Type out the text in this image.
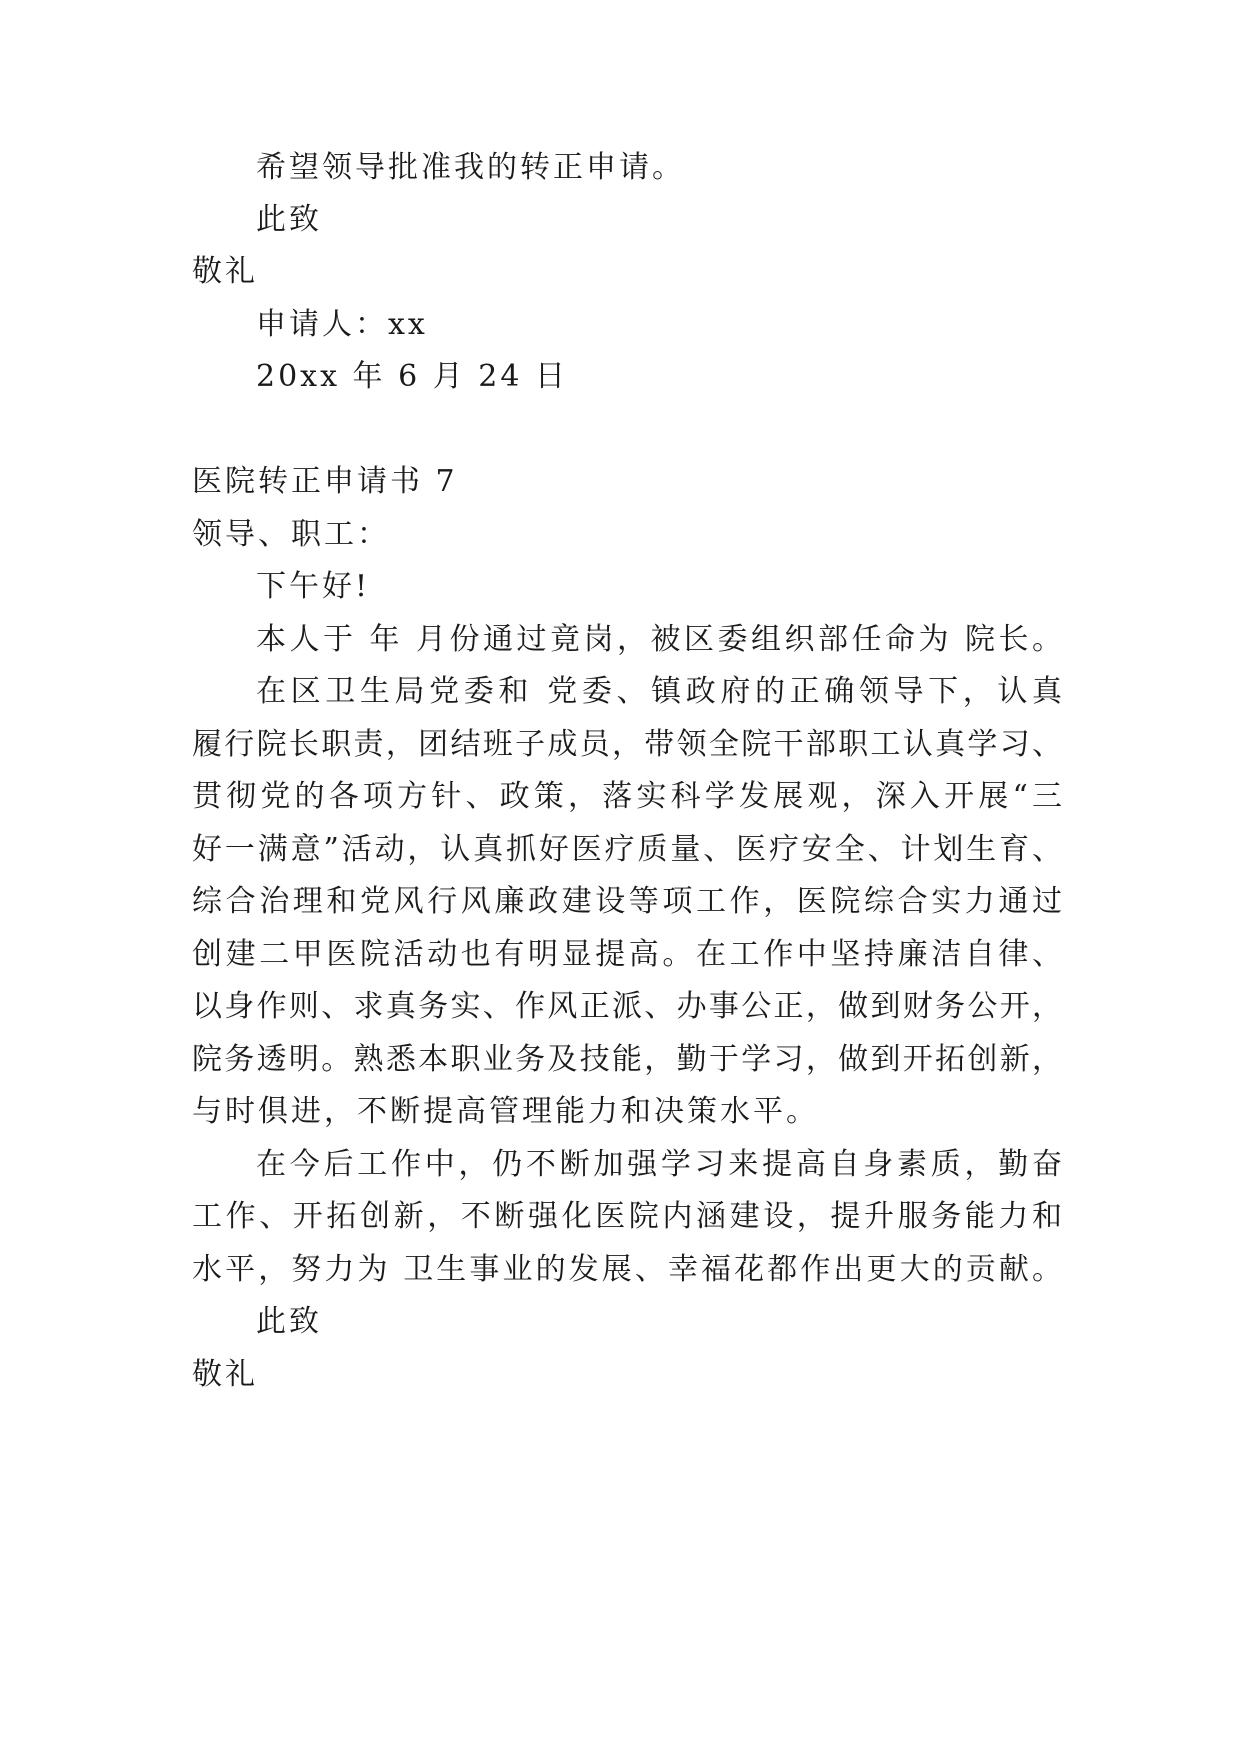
希望领导批准我的转正申请。
此致
敬礼
申请人：xx
20xx 年 6 月 24 日
医院转正申请书 7
领导、职工：
下午好!
本人于 年 月份通过竟岗，被区委组织部任命为 院长。
在区卫生局党委和 党委、镇政府的正确领导下，认真
履行院长职责，团结班子成员，带领全院干部职工认真学习、
贯彻党的各项方针、政策，落实科学发展观，深入开展“三
好一满意”活动，认真抓好医疗质量、医疗安全、计划生育、
综合治理和党风行风廉政建设等项工作，医院综合实力通过
创建二甲医院活动也有明显提高。在工作中坚持廉洁自律、
以身作则、求真务实、作风正派、办事公正，做到财务公开，
院务透明。熟悉本职业务及技能，勤于学习，做到开拓创新，
与时俱进，不断提高管理能力和决策水平。
在今后工作中，仍不断加强学习来提高自身素质，勤奋
工作、开拓创新，不断强化医院内涵建设，提升服务能力和
水平，努力为 卫生事业的发展、幸福花都作出更大的贡献。
此致
敬礼
